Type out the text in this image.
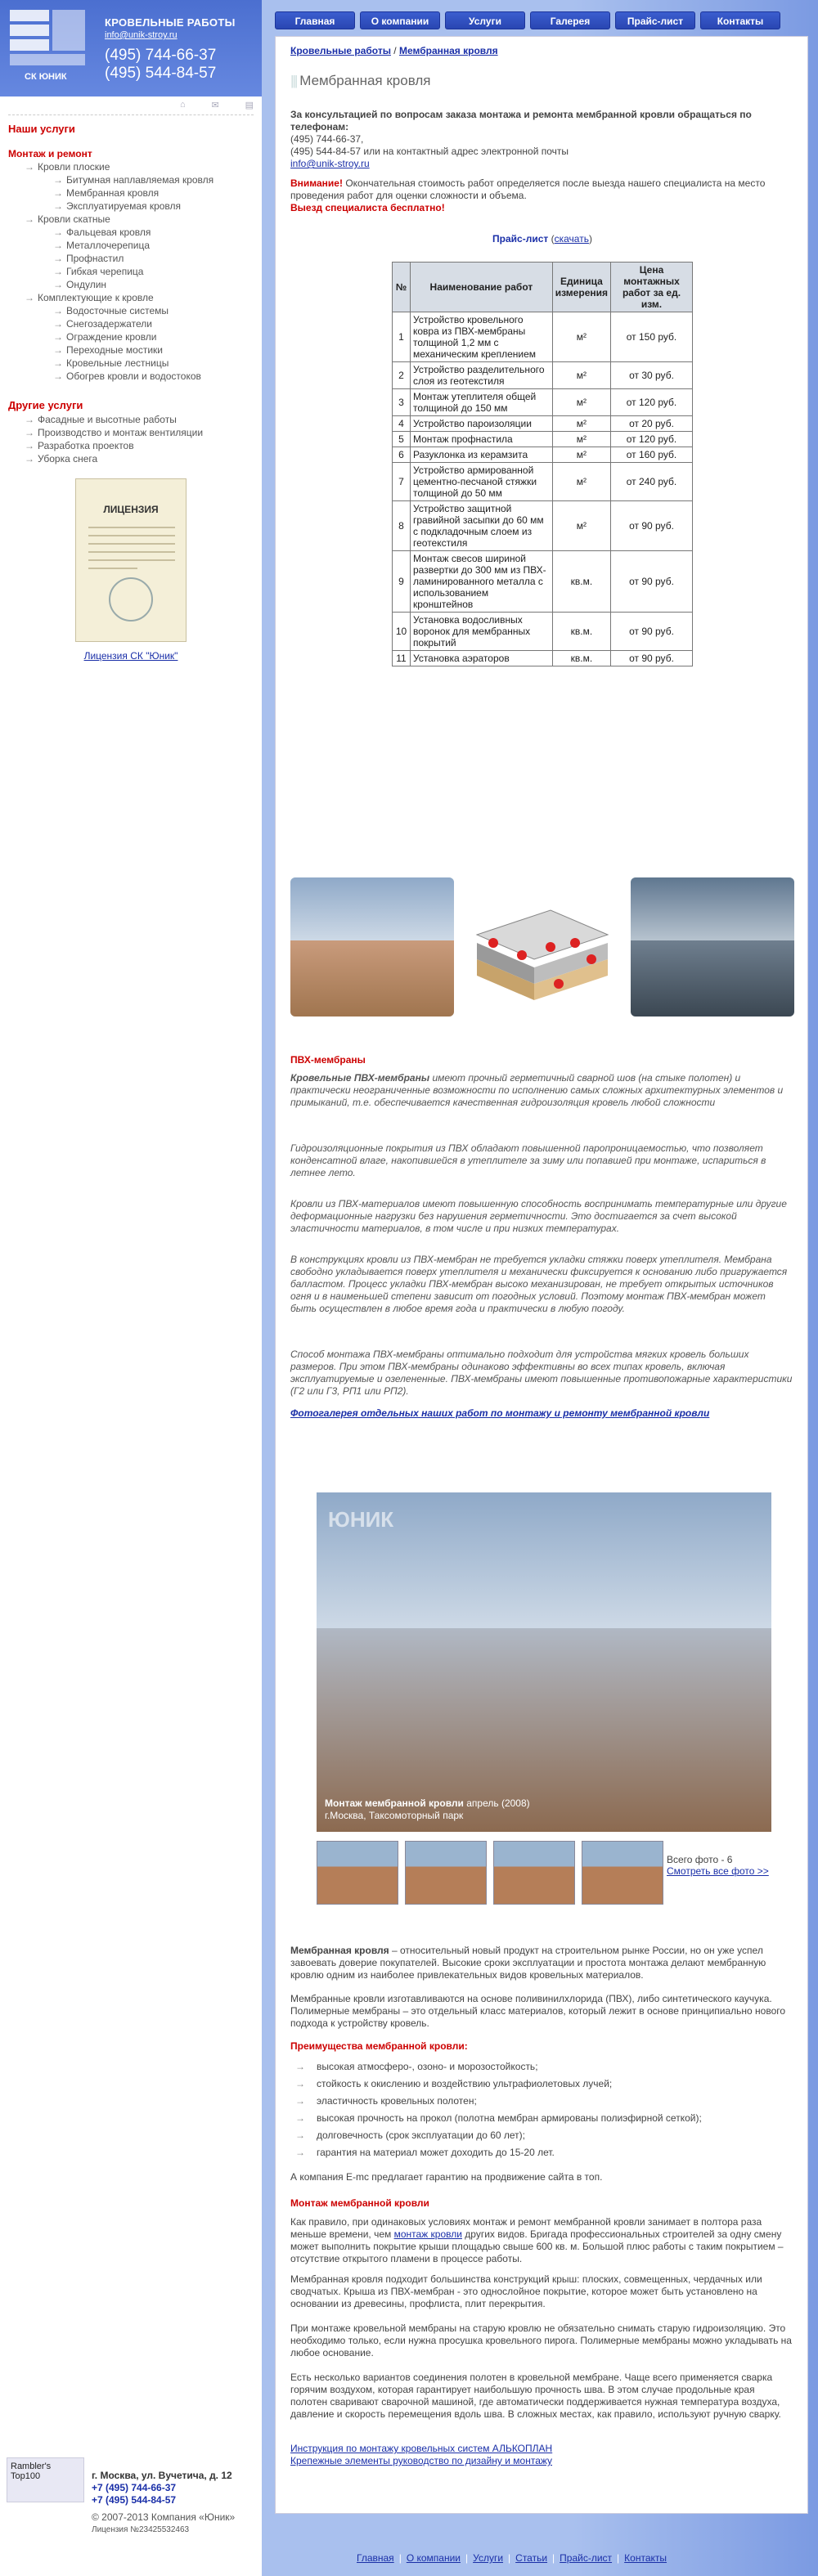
СК ЮНИК
КРОВЕЛЬНЫЕ РАБОТЫ
info@unik-stroy.ru
(495) 744-66-37
(495) 544-84-57
⌂	✉	▤
Наши услуги
Монтаж и ремонт
→ Кровли плоские
→ Битумная наплавляемая кровля
→ Мембранная кровля
→ Эксплуатируемая кровля
→ Кровли скатные
→ Фальцевая кровля
→ Металлочерепица
→ Профнастил
→ Гибкая черепица
→ Ондулин
→ Комплектующие к кровле
→ Водосточные системы
→ Снегозадержатели
→ Ограждение кровли
→ Переходные мостики
→ Кровельные лестницы
→ Обогрев кровли и водостоков
Другие услуги
→ Фасадные и высотные работы
→ Производство и монтаж вентиляции
→ Разработка проектов
→ Уборка снега
ЛИЦЕНЗИЯ
Лицензия СК "Юник"
Rambler's Top100	г. Москва, ул. Вучетича, д. 12
+7 (495) 744-66-37
+7 (495) 544-84-57
© 2007-2013 Компания «Юник»
Лицензия №23425532463
Главная	О компании	Услуги	Галерея	Прайс-лист	Контакты
Кровельные работы / Мембранная кровля
||| Мембранная кровля
За консультацией по вопросам заказа монтажа и ремонта мембранной кровли обращаться по телефонам:
(495) 744-66-37,
(495) 544-84-57 или на контактный адрес электронной почты
info@unik-stroy.ru
Внимание! Окончательная стоимость работ определяется после выезда нашего специалиста на место проведения работ для оценки сложности и объема.
Выезд специалиста бесплатно!
Прайс-лист (скачать)
№	Наименование работ	Единица измерения	Цена монтажных работ за ед. изм.
1	Устройство кровельного ковра из ПВХ-мембраны толщиной 1,2 мм с механическим креплением	м²	от 150 руб.
2	Устройство разделительного слоя из геотекстиля	м²	от 30 руб.
3	Монтаж утеплителя общей толщиной до 150 мм	м²	от 120 руб.
4	Устройство пароизоляции	м²	от 20 руб.
5	Монтаж профнастила	м²	от 120 руб.
6	Разуклонка из керамзита	м²	от 160 руб.
7	Устройство армированной цементно-песчаной стяжки толщиной до 50 мм	м²	от 240 руб.
8	Устройство защитной гравийной засыпки до 60 мм с подкладочным слоем из геотекстиля	м²	от 90 руб.
9	Монтаж свесов шириной развертки до 300 мм из ПВХ-ламинированного металла с использованием кронштейнов	кв.м.	от 90 руб.
10	Установка водосливных воронок для мембранных покрытий	кв.м.	от 90 руб.
11	Установка аэраторов	кв.м.	от 90 руб.
ПВХ-мембраны
Кровельные ПВХ-мембраны имеют прочный герметичный сварной шов (на стыке полотен) и практически неограниченные возможности по исполнению самых сложных архитектурных элементов и примыканий, т.е. обеспечивается качественная гидроизоляция кровель любой сложности
Гидроизоляционные покрытия из ПВХ обладают повышенной паропроницаемостью, что позволяет конденсатной влаге, накопившейся в утеплителе за зиму или попавшей при монтаже, испариться в летнее лето.
Кровли из ПВХ-материалов имеют повышенную способность воспринимать температурные или другие деформационные нагрузки без нарушения герметичности. Это достигается за счет высокой эластичности материалов, в том числе и при низких температурах.
В конструкциях кровли из ПВХ-мембран не требуется укладки стяжки поверх утеплителя. Мембрана свободно укладывается поверх утеплителя и механически фиксируется к основанию либо пригружается балластом. Процесс укладки ПВХ-мембран высоко механизирован, не требует открытых источников огня и в наименьшей степени зависит от погодных условий. Поэтому монтаж ПВХ-мембран может быть осуществлен в любое время года и практически в любую погоду.
Способ монтажа ПВХ-мембраны оптимально подходит для устройства мягких кровель больших размеров. При этом ПВХ-мембраны одинаково эффективны во всех типах кровель, включая эксплуатируемые и озелененные. ПВХ-мембраны имеют повышенные противопожарные характеристики (Г2 или Г3, РП1 или РП2).
Фотогалерея отдельных наших работ по монтажу и ремонту мембранной кровли
ЮНИК
Монтаж мембранной кровли апрель (2008)
г.Москва, Таксомоторный парк
Всего фото - 6
Смотреть все фото >>
Мембранная кровля – относительный новый продукт на строительном рынке России, но он уже успел завоевать доверие покупателей. Высокие сроки эксплуатации и простота монтажа делают мембранную кровлю одним из наиболее привлекательных видов кровельных материалов.
Мембранные кровли изготавливаются на основе поливинилхлорида (ПВХ), либо синтетического каучука. Полимерные мембраны – это отдельный класс материалов, который лежит в основе принципиально нового подхода к устройству кровель.
Преимущества мембранной кровли:
→ высокая атмосферо-, озоно- и морозостойкость;
→ стойкость к окислению и воздействию ультрафиолетовых лучей;
→ эластичность кровельных полотен;
→ высокая прочность на прокол (полотна мембран армированы полиэфирной сеткой);
→ долговечность (срок эксплуатации до 60 лет);
→ гарантия на материал может доходить до 15-20 лет.
А компания E-mc предлагает гарантию на продвижение сайта в топ.
Монтаж мембранной кровли
Как правило, при одинаковых условиях монтаж и ремонт мембранной кровли занимает в полтора раза меньше времени, чем монтаж кровли других видов. Бригада профессиональных строителей за одну смену может выполнить покрытие крыши площадью свыше 600 кв. м. Большой плюс работы с таким покрытием – отсутствие открытого пламени в процессе работы.
Мембранная кровля подходит большинства конструкций крыш: плоских, совмещенных, чердачных или сводчатых. Крыша из ПВХ-мембран - это однослойное покрытие, которое может быть установлено на основании из древесины, профлиста, плит перекрытия.
При монтаже кровельной мембраны на старую кровлю не обязательно снимать старую гидроизоляцию. Это необходимо только, если нужна просушка кровельного пирога. Полимерные мембраны можно укладывать на любое основание.
Есть несколько вариантов соединения полотен в кровельной мембране. Чаще всего применяется сварка горячим воздухом, которая гарантирует наибольшую прочность шва. В этом случае продольные края полотен сваривают сварочной машиной, где автоматически поддерживается нужная температура воздуха, давление и скорость перемещения вдоль шва. В сложных местах, как правило, используют ручную сварку.
Инструкция по монтажу кровельных систем АЛЬКОПЛАН
Крепежные элементы руководство по дизайну и монтажу
⌂	✉	▤	Главная | О компании | Услуги | Статьи | Прайс-лист | Контакты
